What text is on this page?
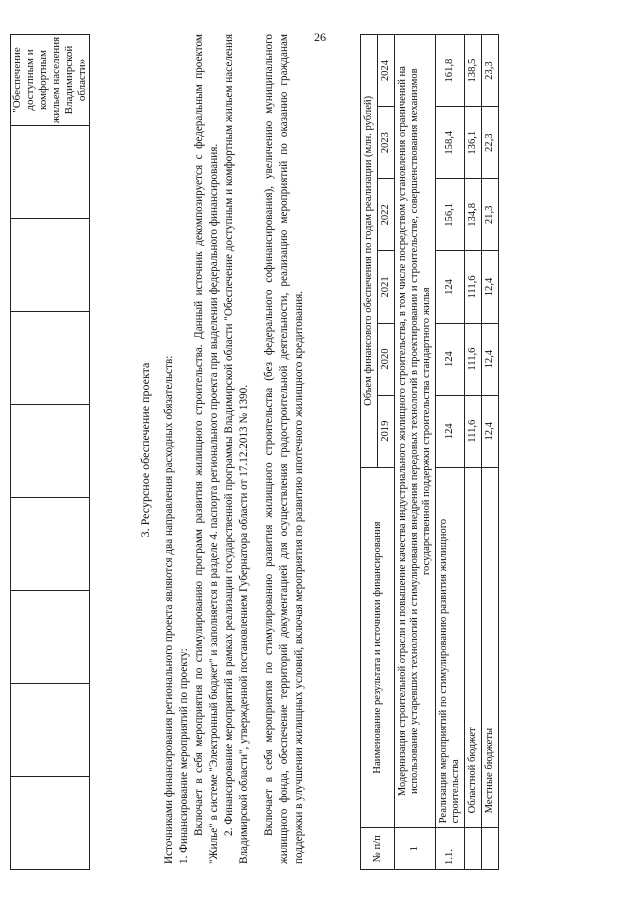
26

"Обеспечение доступным и комфортным жильем населения Владимирской области»
3. Ресурсное обеспечение проекта Источниками финансирования регионального проекта являются два направления расходных обязательств: 1. Финансирование мероприятий по проекту: Включает в себя мероприятия по стимулированию программ развития жилищного строительства. Данный источник декомпозируется с федеральным проектом "Жилье" в системе "Электронный бюджет" и заполняется в разделе 4. паспорта регионального проекта при выделении федерального финансирования. 2. Финансирование мероприятий в рамках реализации государственной программы Владимирской области "Обеспечение доступным и комфортным жильем населения Владимирской области", утвержденной постановлением Губернатора области от 17.12.2013 № 1390. Включает в себя мероприятия по стимулированию развития жилищного строительства (без федерального софинансирования), увеличению муниципального жилищного фонда, обеспечение территорий документацией для осуществления градостроительной деятельности, реализацию мероприятий по оказанию гражданам поддержки в улучшении жилищных условий, включая мероприятия по развитию ипотечного жилищного кредитования.	№ п/п	Наименование результата и источники финансирования	Объем финансового обеспечения по годам реализации (млн. рублей)					
		2019	2020	2021	2022	2023	2024
1	Модернизация строительной отрасли и повышение качества индустриального жилищного строительства, в том числе посредством установления ограничений на использование устаревших технологий и стимулирования внедрения передовых технологий в проектировании и строительстве, совершенствования механизмов государственной поддержки строительства стандартного жилья						
1.1.	Реализация мероприятий по стимулированию развития жилищного строительства	124	124	124	156,1	158,4	161,8
	Областной бюджет	111,6	111,6	111,6	134,8	136,1	138,5
	Местные бюджеты	12,4	12,4	12,4	21,3	22,3	23,3
